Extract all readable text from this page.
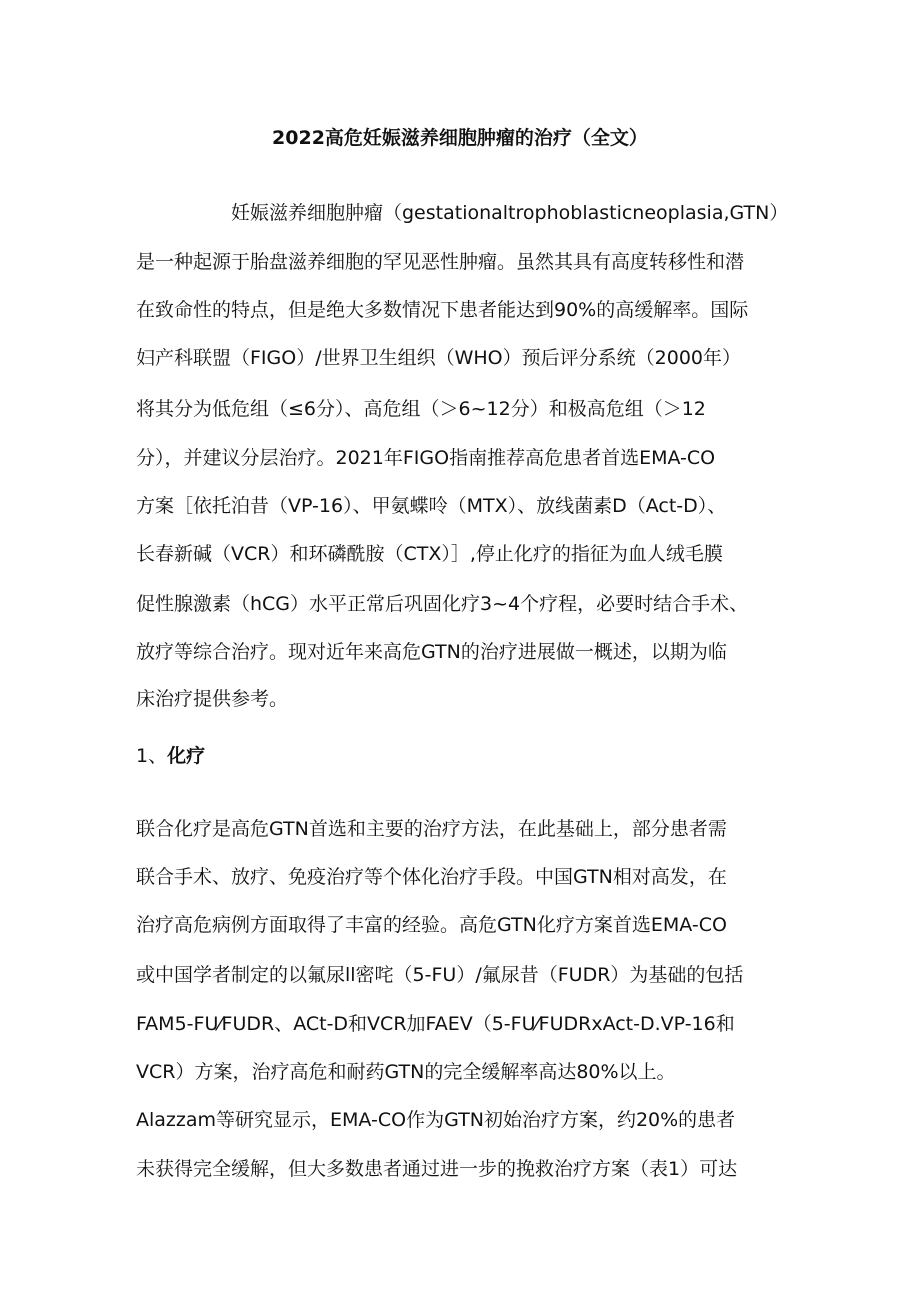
2022高危妊娠滋养细胞肿瘤的治疗（全文）
妊娠滋养细胞肿瘤（gestationaltrophoblasticneoplasia,GTN）
是一种起源于胎盘滋养细胞的罕见恶性肿瘤。虽然其具有高度转移性和潜
在致命性的特点，但是绝大多数情况下患者能达到90%的高缓解率。国际
妇产科联盟（FIGO）/世界卫生组织（WHO）预后评分系统（2000年）
将其分为低危组（≤6分）、高危组（＞6~12分）和极高危组（＞12
分），并建议分层治疗。2021年FIGO指南推荐高危患者首选EMA-CO
方案［依托泊昔（VP-16）、甲氨蝶呤（MTX）、放线菌素D（Act-D）、
长春新碱（VCR）和环磷酰胺（CTX）］,停止化疗的指征为血人绒毛膜
促性腺激素（hCG）水平正常后巩固化疗3~4个疗程，必要时结合手术、
放疗等综合治疗。现对近年来高危GTN的治疗进展做一概述，以期为临
床治疗提供参考。
1、化疗
联合化疗是高危GTN首选和主要的治疗方法，在此基础上，部分患者需
联合手术、放疗、免疫治疗等个体化治疗手段。中国GTN相对高发，在
治疗高危病例方面取得了丰富的经验。高危GTN化疗方案首选EMA-CO
或中国学者制定的以氟尿ll密咤（5-FU）/氟尿昔（FUDR）为基础的包括
FAM5-FU⁄FUDR、ACt-D和VCR加FAEV（5-FU⁄FUDRxAct-D.VP-16和
VCR）方案，治疗高危和耐药GTN的完全缓解率高达80%以上。
Alazzam等研究显示，EMA-CO作为GTN初始治疗方案，约20%的患者
未获得完全缓解，但大多数患者通过进一步的挽救治疗方案（表1）可达
